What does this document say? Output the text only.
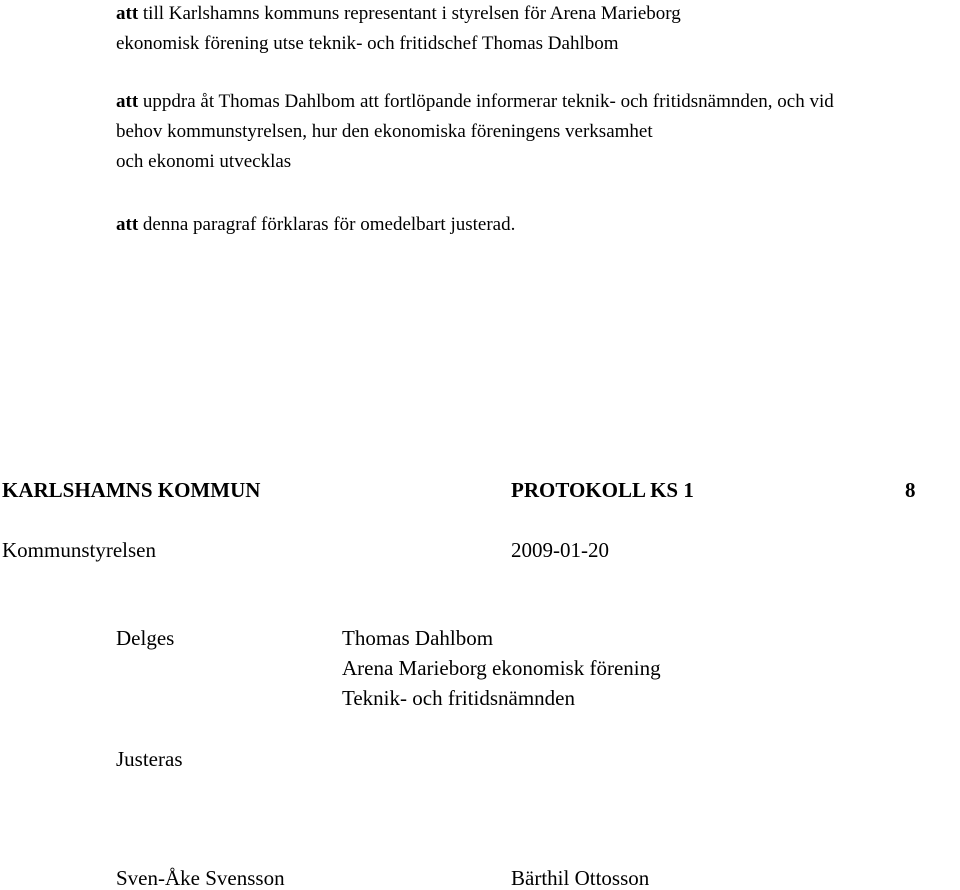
att till Karlshamns kommuns representant i styrelsen för Arena Marieborg
ekonomisk förening utse teknik- och fritidschef Thomas Dahlbom
att uppdra åt Thomas Dahlbom att fortlöpande informerar teknik- och fritidsnämnden, och vid
behov kommunstyrelsen, hur den ekonomiska föreningens verksamhet
och ekonomi utvecklas
att denna paragraf förklaras för omedelbart justerad.
KARLSHAMNS KOMMUN	PROTOKOLL KS 1	8
Kommunstyrelsen	2009-01-20
Delges	Thomas Dahlbom
Arena Marieborg ekonomisk förening
Teknik- och fritidsnämnden
Justeras
Sven-Åke Svensson	Bärthil Ottosson
